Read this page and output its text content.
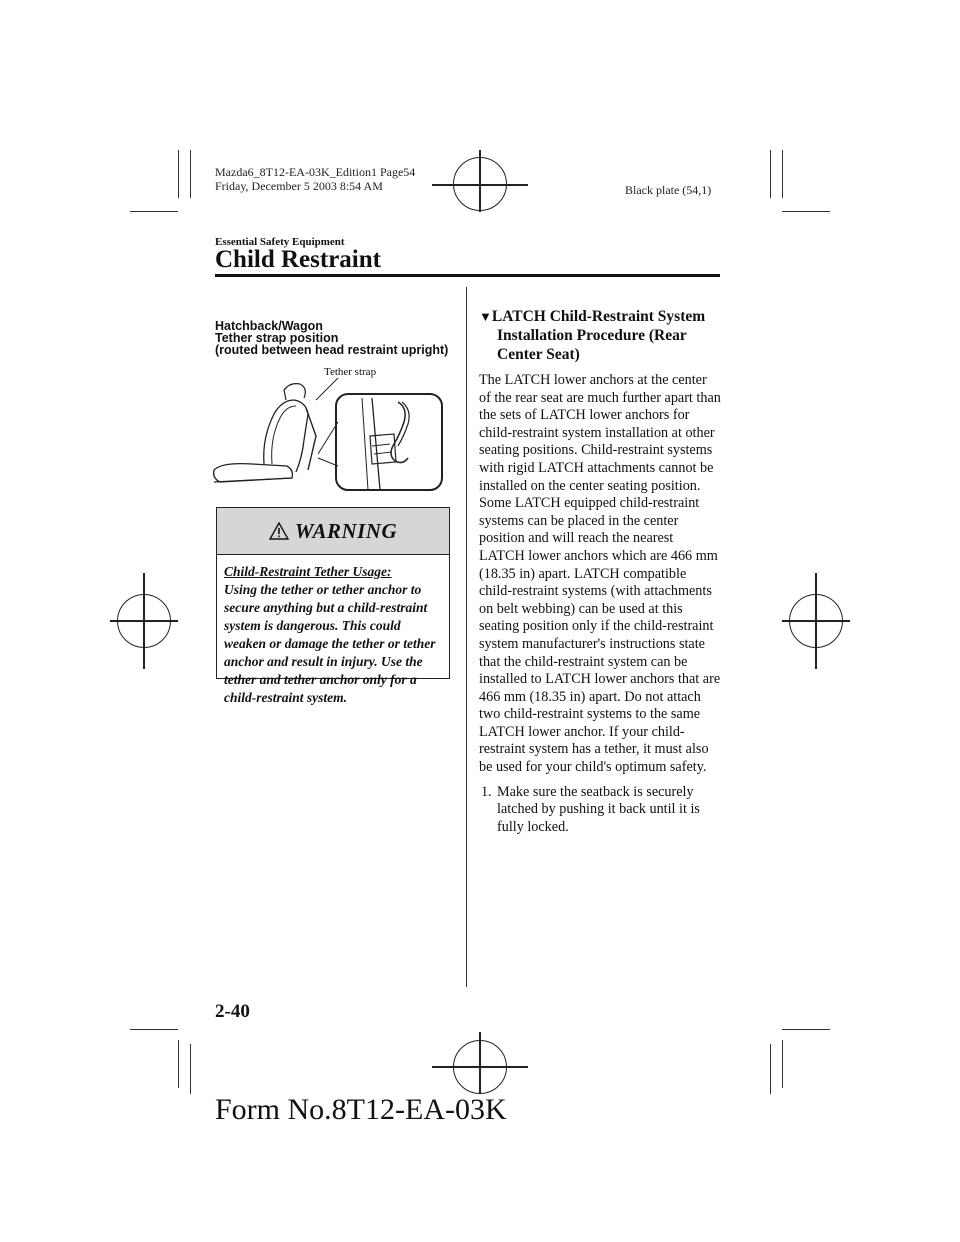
Mazda6_8T12-EA-03K_Edition1 Page54
Friday, December 5 2003 8:54 AM	Black plate (54,1)
Essential Safety Equipment
Child Restraint
Hatchback/Wagon
Tether strap position
(routed between head restraint upright)
Tether strap
WARNING
Child-Restraint Tether Usage:
Using the tether or tether anchor to secure anything but a child-restraint system is dangerous. This could weaken or damage the tether or tether anchor and result in injury. Use the tether and tether anchor only for a child-restraint system.
▼LATCH Child-Restraint System
Installation Procedure (Rear
Center Seat)
The LATCH lower anchors at the center
of the rear seat are much further apart than
the sets of LATCH lower anchors for
child-restraint system installation at other
seating positions. Child-restraint systems
with rigid LATCH attachments cannot be
installed on the center seating position.
Some LATCH equipped child-restraint
systems can be placed in the center
position and will reach the nearest
LATCH lower anchors which are 466 mm
(18.35 in) apart. LATCH compatible
child-restraint systems (with attachments
on belt webbing) can be used at this
seating position only if the child-restraint
system manufacturer's instructions state
that the child-restraint system can be
installed to LATCH lower anchors that are
466 mm (18.35 in) apart. Do not attach
two child-restraint systems to the same
LATCH lower anchor. If your child-
restraint system has a tether, it must also
be used for your child's optimum safety.
1. Make sure the seatback is securely
latched by pushing it back until it is
fully locked.
2-40
Form No.8T12-EA-03K
